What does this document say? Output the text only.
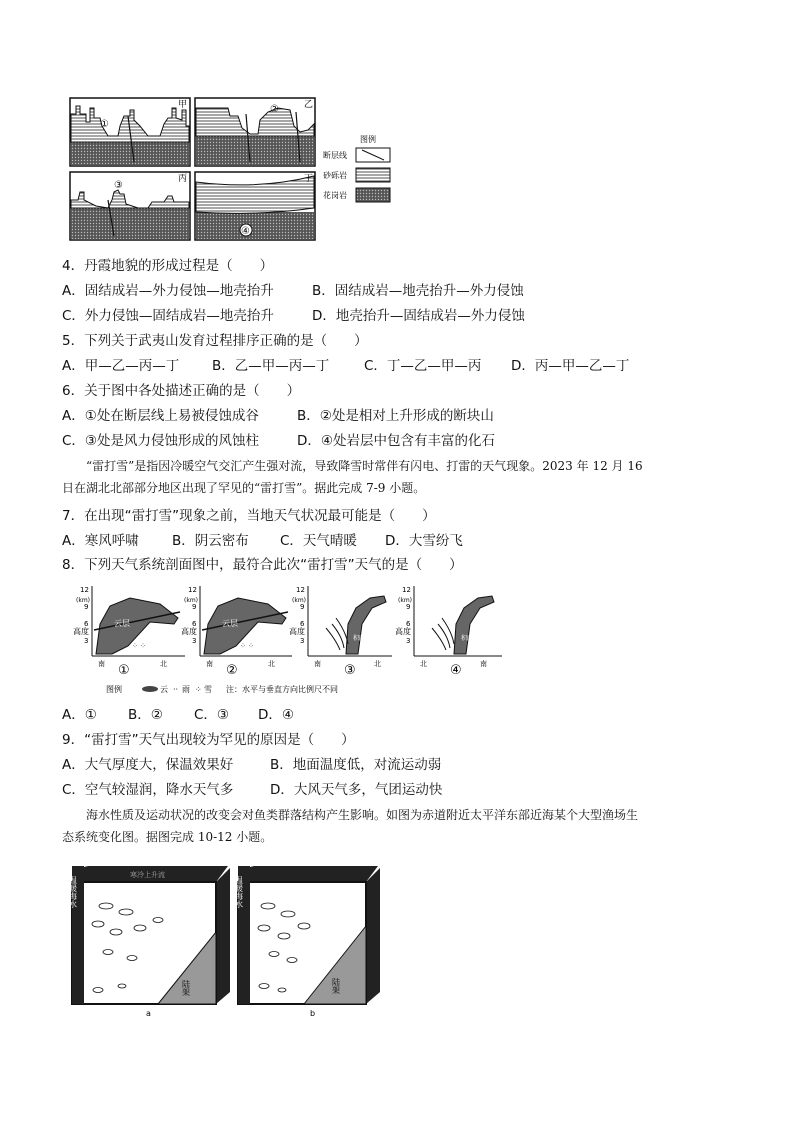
甲
①
乙
②
丙
③
丁
④
图例
断层线
砂砾岩
花岗岩
4．丹霞地貌的形成过程是（　　）
A．固结成岩—外力侵蚀—地壳抬升	B．固结成岩—地壳抬升—外力侵蚀
C．外力侵蚀—固结成岩—地壳抬升	D．地壳抬升—固结成岩—外力侵蚀
5．下列关于武夷山发育过程排序正确的是（　　）
A．甲—乙—丙—丁 B．乙—甲—丙—丁	C．丁—乙—甲—丙 D．丙—甲—乙—丁
6．关于图中各处描述正确的是（　　）
A．①处在断层线上易被侵蚀成谷	B．②处是相对上升形成的断块山
C．③处是风力侵蚀形成的风蚀柱	D．④处岩层中包含有丰富的化石
“雷打雪”是指因冷暖空气交汇产生强对流，导致降雪时常伴有闪电、打雷的天气现象。2023 年 12 月 16
日在湖北北部部分地区出现了罕见的“雷打雪”。据此完成 7-9 小题。
7．在出现“雷打雪”现象之前，当地天气状况最可能是（　　）
A．寒风呼啸 B．阴云密布 C．天气晴暖 D．大雪纷飞
8．下列天气系统剖面图中，最符合此次“雷打雪”天气的是（　　）
12
9
6
3
(km)
高度
云层
⁘ ⁘
南	北
①
12
9
6
3
(km)
高度
云层
⁘ ⁘
南	北
②
12
9
6
3
(km)
高度
积雨云
南	北
③
12
9
6
3
(km)
高度
积雨云
北	南
④
图例	云 ·· 雨 ⁘ 雪 注：水平与垂直方向比例尺不同
A．① B．② C．③ D．④
9．“雷打雪”天气出现较为罕见的原因是（　　）
A．大气厚度大，保温效果好	B．地面温度低，对流运动弱
C．空气较湿润，降水天气多	D．大风天气多，气团运动快
海水性质及运动状况的改变会对鱼类群落结构产生影响。如图为赤道附近太平洋东部近海某个大型渔场生
态系统变化图。据图完成 10-12 小题。
温暖海水
寒冷上升流
陆架
a
温暖海水
陆架
b
